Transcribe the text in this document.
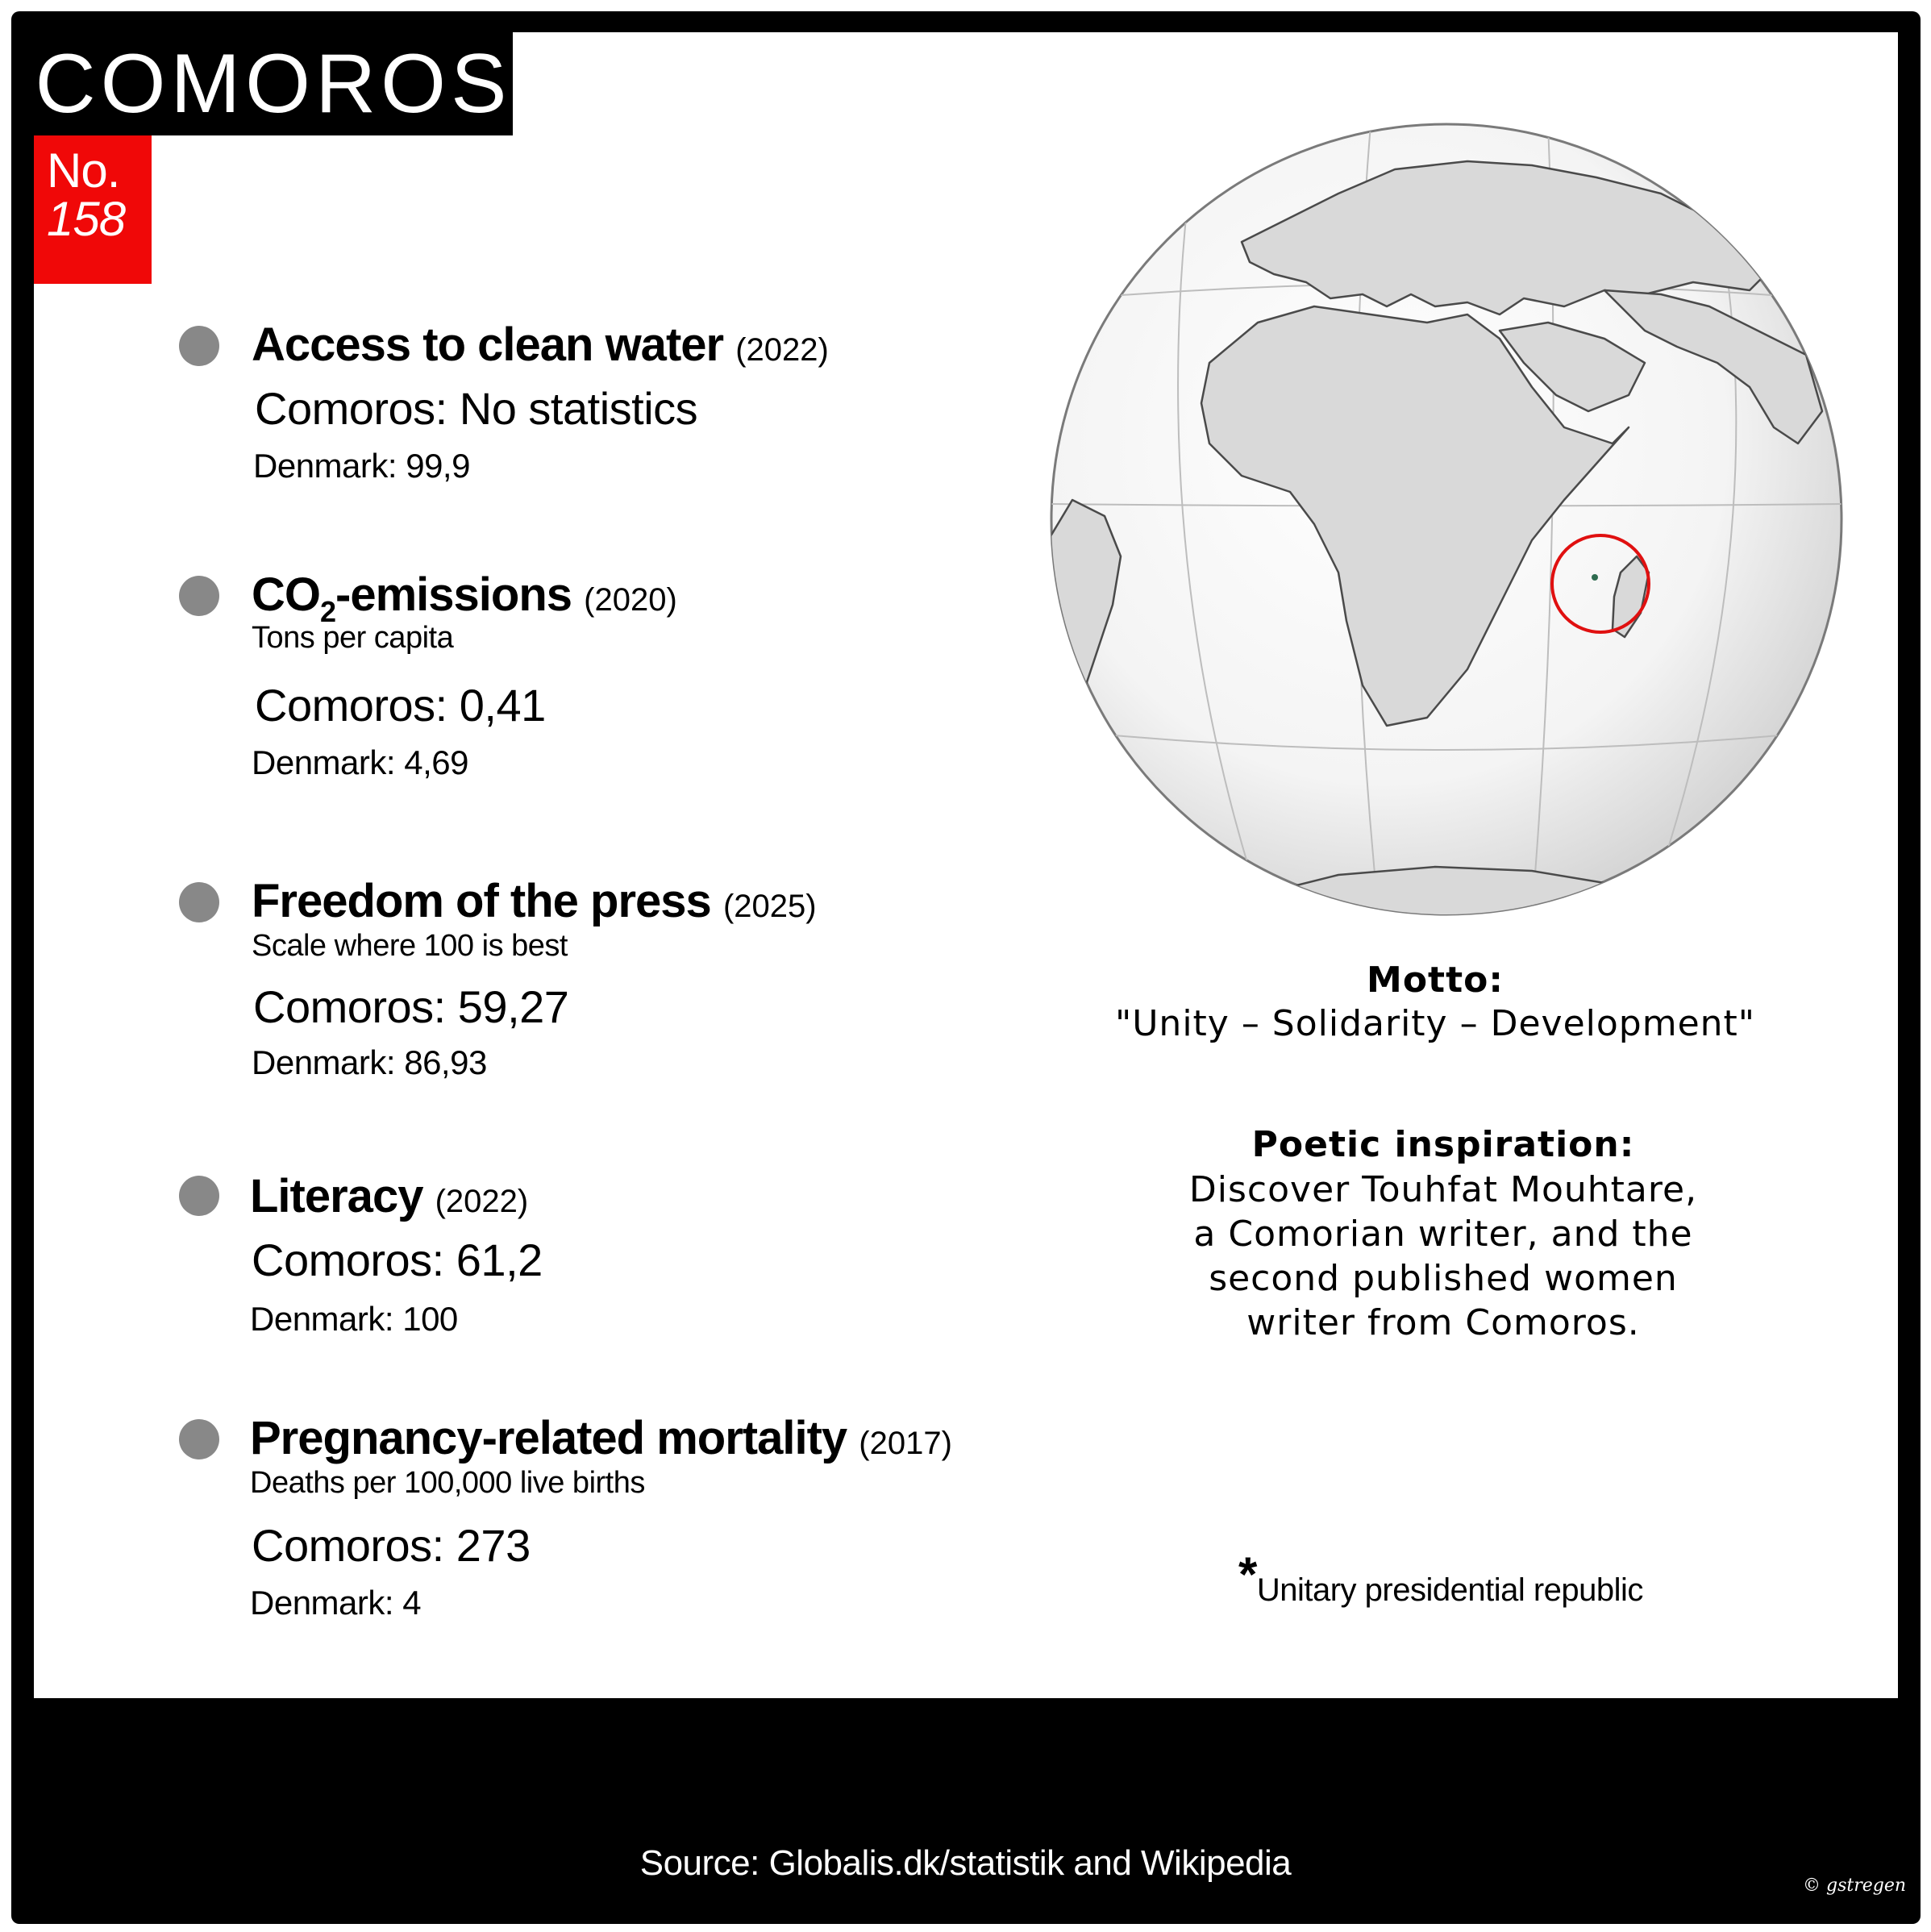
COMOROS
No.
158
Access to clean water (2022)
Comoros: No statistics
Denmark: 99,9
$CO_2$-emissions (2020)
Tons per capita
Comoros: 0,41
Denmark: 4,69
Freedom of the press (2025)
Scale where 100 is best
Comoros: 59,27
Denmark: 86,93
Literacy (2022)
Comoros: 61,2
Denmark: 100
Pregnancy-related mortality (2017)
Deaths per 100,000 live births
Comoros: 273
Denmark: 4
Motto:
"Unity – Solidarity – Development"
Poetic inspiration:
Discover Touhfat Mouhtare,
a Comorian writer, and the
second published women
writer from Comoros.
*Unitary presidential republic
Source: Globalis.dk/statistik and Wikipedia
© gstregen
